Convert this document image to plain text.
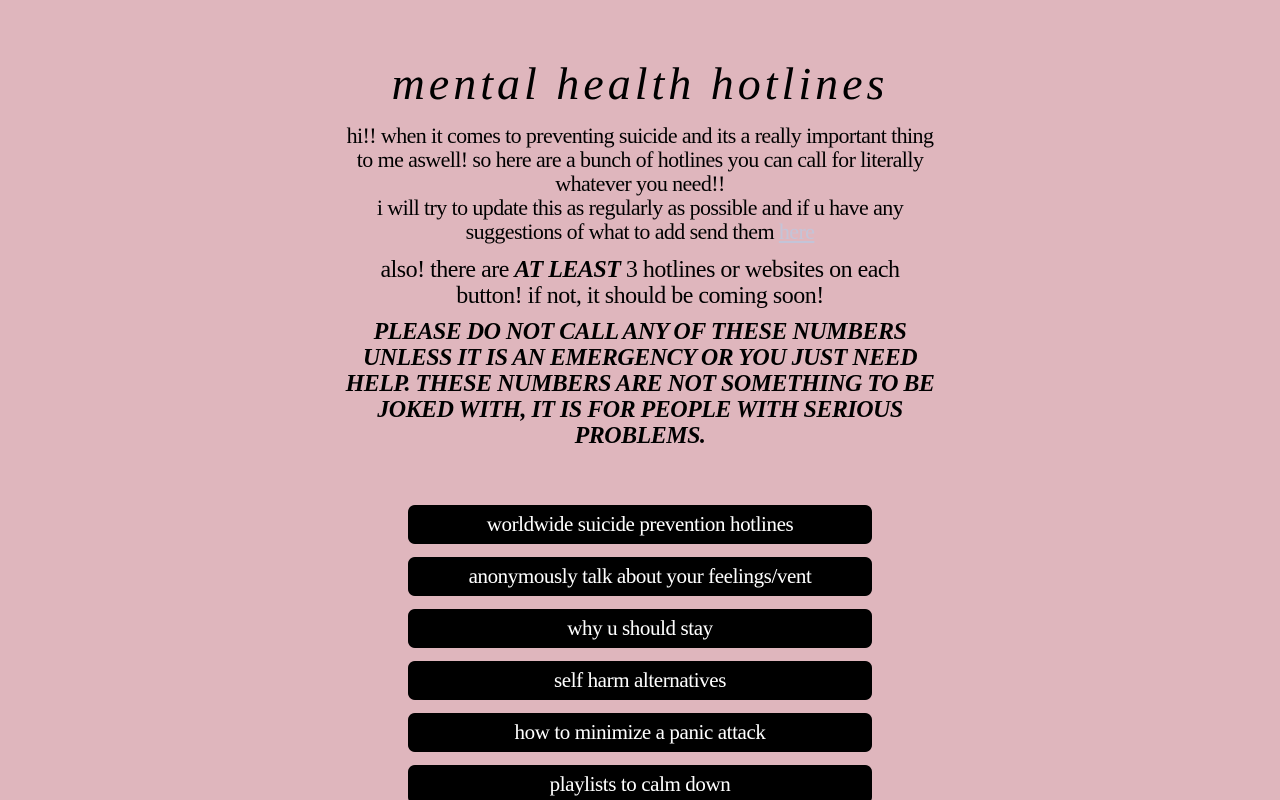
mental health hotlines

hi!! when it comes to preventing suicide and its a really important thing to me aswell! so here are a bunch of hotlines you can call for literally whatever you need!!
i will try to update this as regularly as possible and if u have any suggestions of what to add send them here

also! there are AT LEAST 3 hotlines or websites on each button! if not, it should be coming soon!

PLEASE DO NOT CALL ANY OF THESE NUMBERS UNLESS IT IS AN EMERGENCY OR YOU JUST NEED HELP. THESE NUMBERS ARE NOT SOMETHING TO BE JOKED WITH, IT IS FOR PEOPLE WITH SERIOUS PROBLEMS.

worldwide suicide prevention hotlines
anonymously talk about your feelings/vent
why u should stay
self harm alternatives
how to minimize a panic attack
playlists to calm down
